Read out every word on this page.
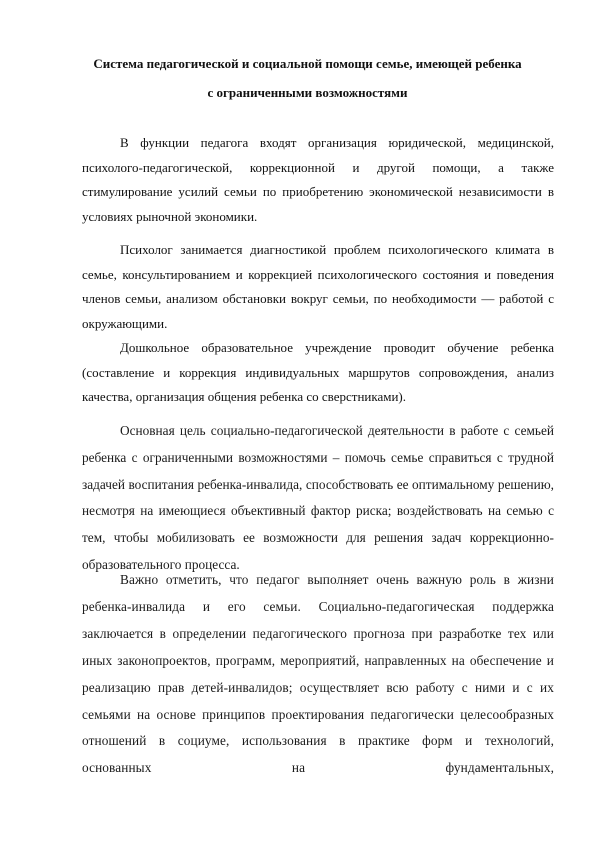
Система педагогической и социальной помощи семье, имеющей ребенка
с ограниченными возможностями

В функции педагога входят организация юридической, медицинской, психолого-педагогической, коррекционной и другой помощи, а также стимулирование усилий семьи по приобретению экономической независимости в условиях рыночной экономики.

Психолог занимается диагностикой проблем психологического климата в семье, консультированием и коррекцией психологического состояния и поведения членов семьи, анализом обстановки вокруг семьи, по необходимости — работой с окружающими.

Дошкольное образовательное учреждение проводит обучение ребенка (составление и коррекция индивидуальных маршрутов сопровождения, анализ качества, организация общения ребенка со сверстниками).

Основная цель социально-педагогической деятельности в работе с семьей ребенка с ограниченными возможностями – помочь семье справиться с трудной задачей воспитания ребенка-инвалида, способствовать ее оптимальному решению, несмотря на имеющиеся объективный фактор риска; воздействовать на семью с тем, чтобы мобилизовать ее возможности для решения задач коррекционно-образовательного процесса.

Важно отметить, что педагог выполняет очень важную роль в жизни ребенка-инвалида и его семьи. Социально-педагогическая поддержка заключается в определении педагогического прогноза при разработке тех или иных законопроектов, программ, мероприятий, направленных на обеспечение и реализацию прав детей-инвалидов; осуществляет всю работу с ними и с их семьями на основе принципов проектирования педагогически целесообразных отношений в социуме, использования в практике форм и технологий, основанных на фундаментальных,
